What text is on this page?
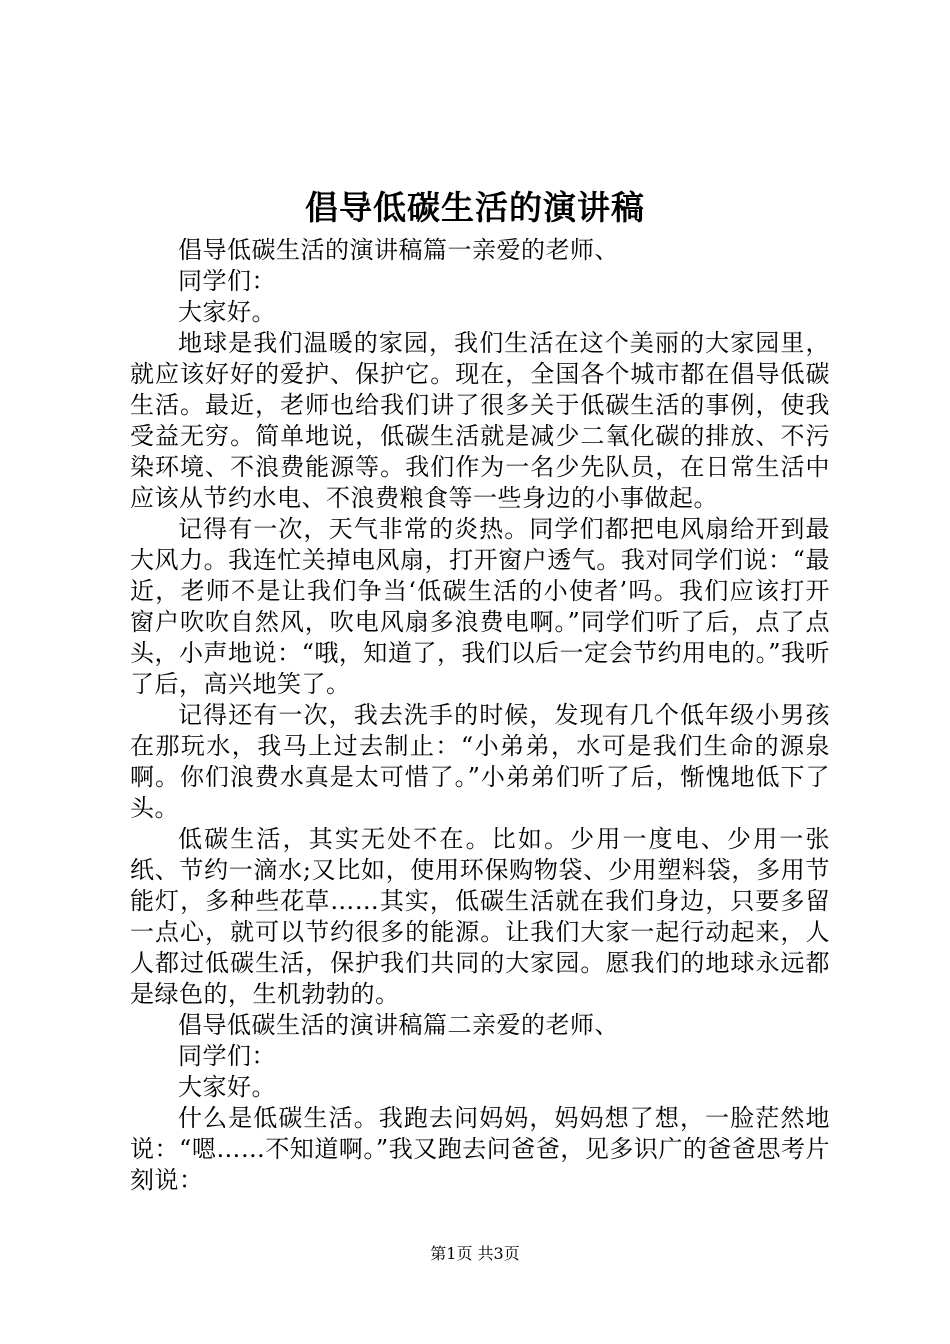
倡导低碳生活的演讲稿

倡导低碳生活的演讲稿篇一亲爱的老师、

同学们：

大家好。

地球是我们温暖的家园，我们生活在这个美丽的大家园里，就应该好好的爱护、保护它。现在，全国各个城市都在倡导低碳生活。最近，老师也给我们讲了很多关于低碳生活的事例，使我受益无穷。简单地说，低碳生活就是减少二氧化碳的排放、不污染环境、不浪费能源等。我们作为一名少先队员，在日常生活中应该从节约水电、不浪费粮食等一些身边的小事做起。

记得有一次，天气非常的炎热。同学们都把电风扇给开到最大风力。我连忙关掉电风扇，打开窗户透气。我对同学们说：“最近，老师不是让我们争当‘低碳生活的小使者’吗。我们应该打开窗户吹吹自然风，吹电风扇多浪费电啊。”同学们听了后，点了点头，小声地说：“哦，知道了，我们以后一定会节约用电的。”我听了后，高兴地笑了。

记得还有一次，我去洗手的时候，发现有几个低年级小男孩在那玩水，我马上过去制止：“小弟弟，水可是我们生命的源泉啊。你们浪费水真是太可惜了。”小弟弟们听了后，惭愧地低下了头。

低碳生活，其实无处不在。比如。少用一度电、少用一张纸、节约一滴水;又比如，使用环保购物袋、少用塑料袋，多用节能灯，多种些花草……其实，低碳生活就在我们身边，只要多留一点心，就可以节约很多的能源。让我们大家一起行动起来，人人都过低碳生活，保护我们共同的大家园。愿我们的地球永远都是绿色的，生机勃勃的。

倡导低碳生活的演讲稿篇二亲爱的老师、

同学们：

大家好。

什么是低碳生活。我跑去问妈妈，妈妈想了想，一脸茫然地说：“嗯……不知道啊。”我又跑去问爸爸，见多识广的爸爸思考片刻说：

第1页 共3页
